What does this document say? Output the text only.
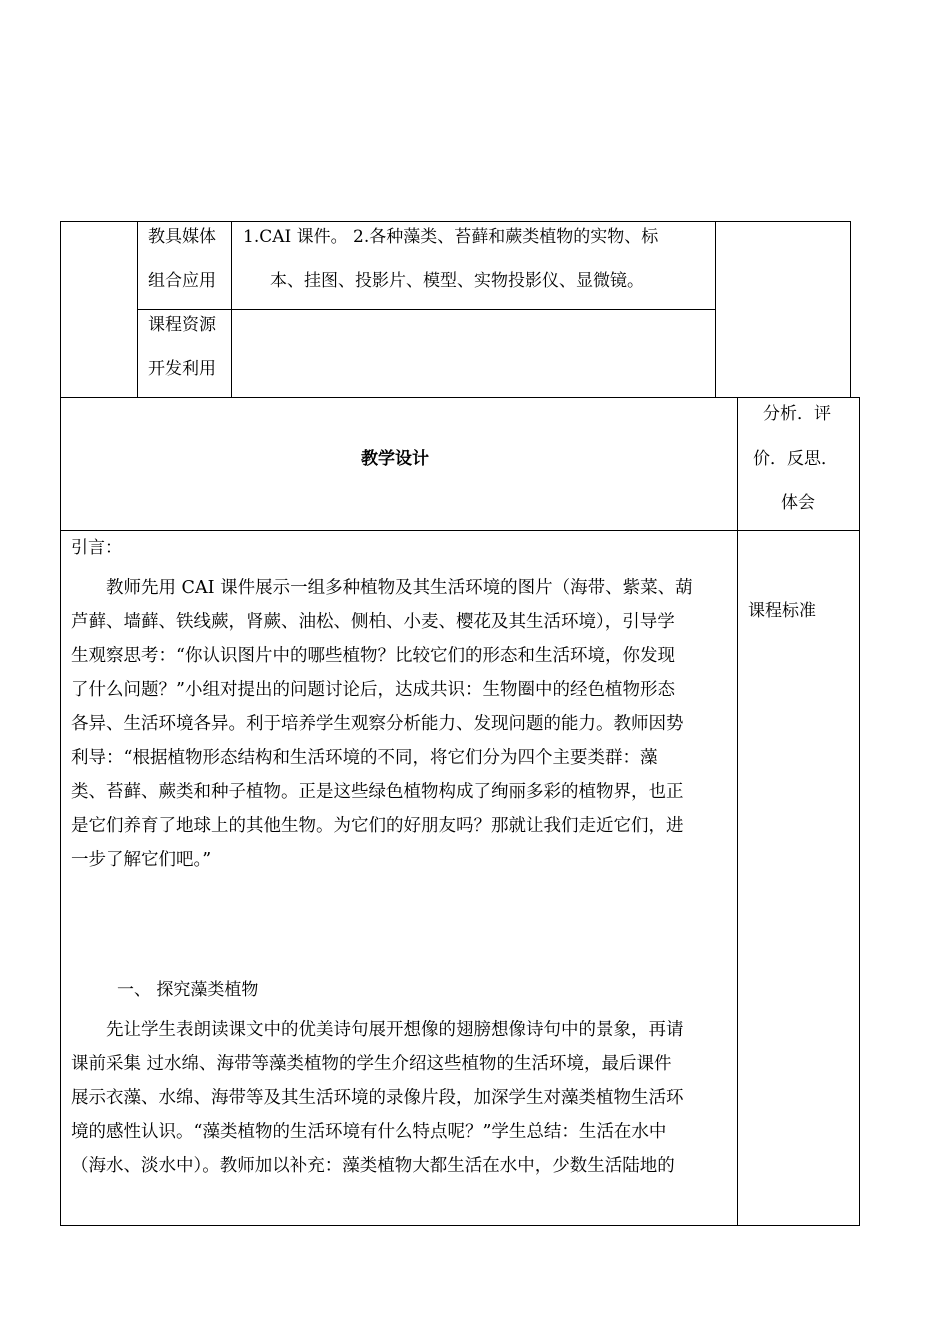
教具媒体
组合应用
1.CAI 课件。 2.各种藻类、苔藓和蕨类植物的实物、标
本、挂图、投影片、模型、实物投影仪、显微镜。
课程资源
开发利用
教学设计
分析．评
价．反思．
体会
课程标准
引言：
　　教师先用 CAI 课件展示一组多种植物及其生活环境的图片（海带、紫菜、葫
芦藓、墙藓、铁线蕨，肾蕨、油松、侧柏、小麦、樱花及其生活环境），引导学
生观察思考：“你认识图片中的哪些植物？比较它们的形态和生活环境，你发现
了什么问题？”小组对提出的问题讨论后，达成共识：生物圈中的经色植物形态
各异、生活环境各异。利于培养学生观察分析能力、发现问题的能力。教师因势
利导：“根据植物形态结构和生活环境的不同，将它们分为四个主要类群：藻
类、苔藓、蕨类和种子植物。正是这些绿色植物构成了绚丽多彩的植物界，也正
是它们养育了地球上的其他生物。为它们的好朋友吗？那就让我们走近它们，进
一步了解它们吧。”
一、 探究藻类植物
　　先让学生表朗读课文中的优美诗句展开想像的翅膀想像诗句中的景象，再请
课前采集 过水绵、海带等藻类植物的学生介绍这些植物的生活环境，最后课件
展示衣藻、水绵、海带等及其生活环境的录像片段，加深学生对藻类植物生活环
境的感性认识。“藻类植物的生活环境有什么特点呢？”学生总结：生活在水中
（海水、淡水中）。教师加以补充：藻类植物大都生活在水中，少数生活陆地的
